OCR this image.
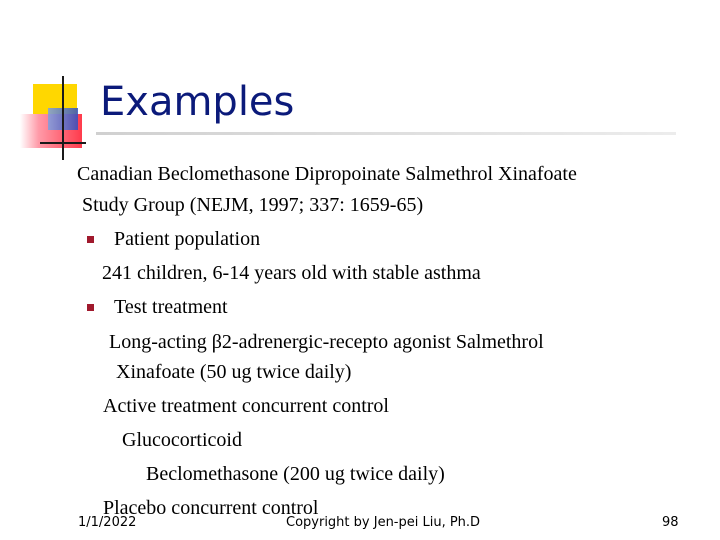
Examples
Canadian Beclomethasone Dipropoinate Salmethrol Xinafoate
Study Group (NEJM, 1997; 337: 1659-65)
Patient population
241 children, 6-14 years old with stable asthma
Test treatment
Long-acting β2-adrenergic-recepto agonist Salmethrol
Xinafoate (50 ug twice daily)
Active treatment concurrent control
Glucocorticoid
Beclomethasone (200 ug twice daily)
Placebo concurrent control
1/1/2022	Copyright by Jen-pei Liu, Ph.D	98
